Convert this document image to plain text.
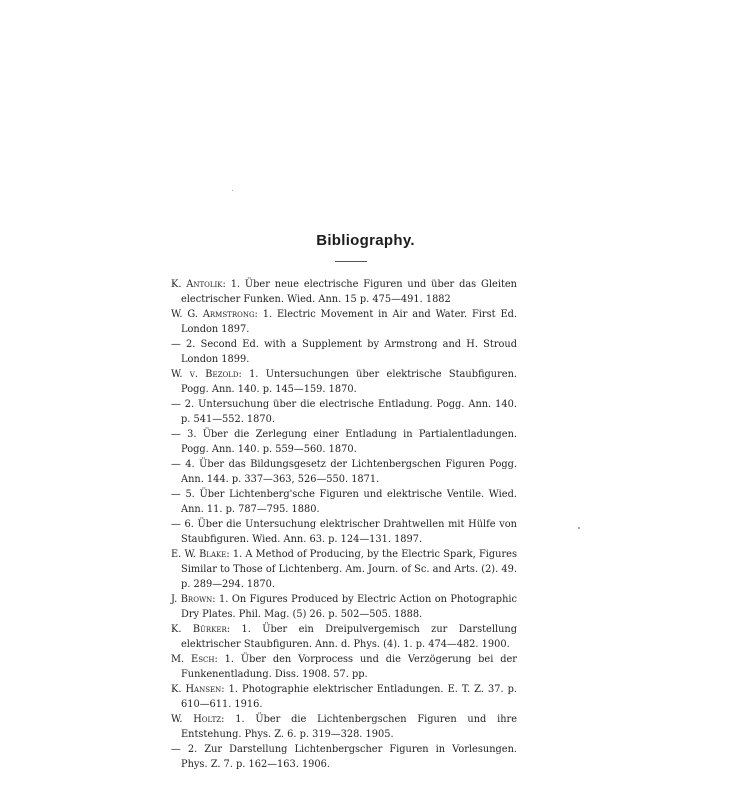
Bibliography.

K. Antolik: 1. Über neue electrische Figuren und über das Gleiten electrischer Funken. Wied. Ann. 15 p. 475—491. 1882

W. G. Armstrong: 1. Electric Movement in Air and Water. First Ed. London 1897.

— 2. Second Ed. with a Supplement by Armstrong and H. Stroud London 1899.

W. v. Bezold: 1. Untersuchungen über elektrische Staubfiguren. Pogg. Ann. 140. p. 145—159. 1870.

— 2. Untersuchung über die electrische Entladung. Pogg. Ann. 140. p. 541—552. 1870.

— 3. Über die Zerlegung einer Entladung in Partialentladungen. Pogg. Ann. 140. p. 559—560. 1870.

— 4. Über das Bildungsgesetz der Lichtenbergschen Figuren Pogg. Ann. 144. p. 337—363, 526—550. 1871.

— 5. Über Lichtenberg'sche Figuren und elektrische Ventile. Wied. Ann. 11. p. 787—795. 1880.

— 6. Über die Untersuchung elektrischer Drahtwellen mit Hülfe von Staubfiguren. Wied. Ann. 63. p. 124—131. 1897.

E. W. Blake: 1. A Method of Producing, by the Electric Spark, Figures Similar to Those of Lichtenberg. Am. Journ. of Sc. and Arts. (2). 49. p. 289—294. 1870.

J. Brown: 1. On Figures Produced by Electric Action on Photographic Dry Plates. Phil. Mag. (5) 26. p. 502—505. 1888.

K. Bürker: 1. Über ein Dreipulvergemisch zur Darstellung elektrischer Staubfiguren. Ann. d. Phys. (4). 1. p. 474—482. 1900.

M. Esch: 1. Über den Vorprocess und die Verzögerung bei der Funkenentladung. Diss. 1908. 57. pp.

K. Hansen: 1. Photographie elektrischer Entladungen. E. T. Z. 37. p. 610—611. 1916.

W. Holtz: 1. Über die Lichtenbergschen Figuren und ihre Entstehung. Phys. Z. 6. p. 319—328. 1905.

— 2. Zur Darstellung Lichtenbergscher Figuren in Vorlesungen. Phys. Z. 7. p. 162—163. 1906.
